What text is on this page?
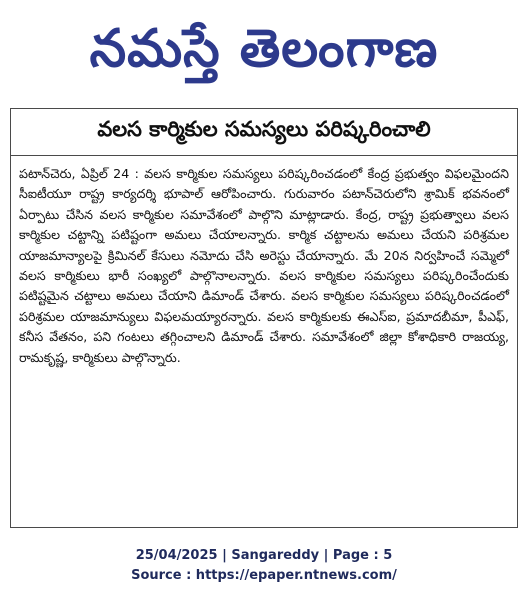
నమస్తే తెలంగాణ
వలస కార్మికుల సమస్యలు పరిష్కరించాలి
పటాన్‌చెరు, ఏప్రిల్ 24 : వలస కార్మికుల సమస్యలు పరిష్కరించడంలో కేంద్ర ప్రభుత్వం విఫలమైందని సీఐటీయూ రాష్ట్ర కార్యదర్శి భూపాల్ ఆరోపించారు. గురువారం పటాన్‌చెరులోని శ్రామిక్ భవనంలో ఏర్పాటు చేసిన వలస కార్మికుల సమావేశంలో పాల్గొని మాట్లాడారు. కేంద్ర, రాష్ట్ర ప్రభుత్వాలు వలస కార్మికుల చట్టాన్ని పటిష్టంగా అమలు చేయాలన్నారు. కార్మిక చట్టాలను అమలు చేయని పరిశ్రమల యాజమాన్యాలపై క్రిమినల్ కేసులు నమోదు చేసి అరెస్టు చేయాన్నారు. మే 20న నిర్వహించే సమ్మెలో వలస కార్మికులు భారీ సంఖ్యలో పాల్గొనాలన్నారు. వలస కార్మికుల సమస్యలు పరిష్కరించేందుకు పటిష్టమైన చట్టాలు అమలు చేయాని డిమాండ్ చేశారు. వలస కార్మికుల సమస్యలు పరిష్కరించడంలో పరిశ్రమల యాజమాన్యులు విఫలమయ్యారన్నారు. వలస కార్మికులకు ఈఎస్ఐ, ప్రమాదబీమా, పీఎఫ్, కనీస వేతనం, పని గంటలు తగ్గించాలని డిమాండ్ చేశారు. సమావేశంలో జిల్లా కోశాధికారి రాజయ్య, రామకృష్ణ, కార్మికులు పాల్గొన్నారు.
25/04/2025 | Sangareddy | Page : 5
Source : https://epaper.ntnews.com/
